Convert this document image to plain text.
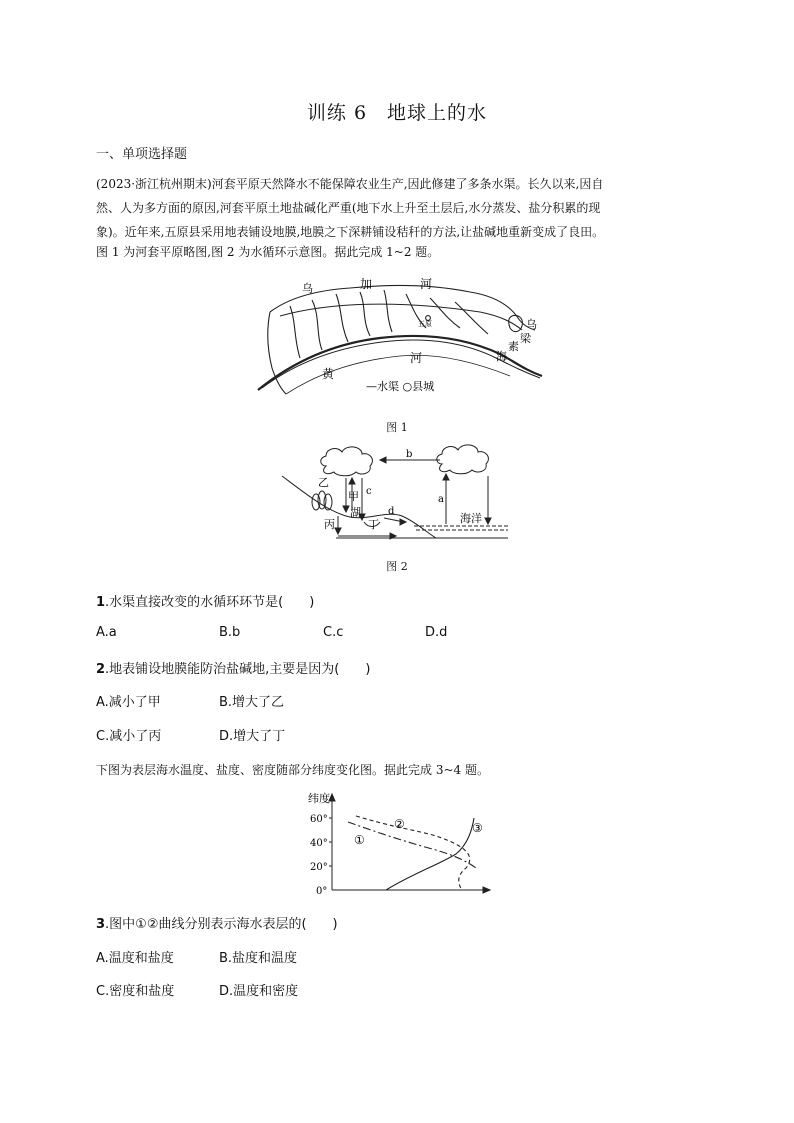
训练 6　地球上的水
一、单项选择题
(2023·浙江杭州期末)河套平原天然降水不能保障农业生产,因此修建了多条水渠。长久以来,因自
然、人为多方面的原因,河套平原土地盐碱化严重(地下水上升至土层后,水分蒸发、盐分积累的现
象)。近年来,五原县采用地表铺设地膜,地膜之下深耕铺设秸秆的方法,让盐碱地重新变成了良田。
图 1 为河套平原略图,图 2 为水循环示意图。据此完成 1~2 题。
乌	加	河
五原	乌
梁
素
海
河
黄
—水渠 ○县城
图 1
b
乙
甲 c
湖	d
丙	丁
a
海洋
图 2
1.水渠直接改变的水循环环节是(　　)
A.a	B.b	C.c	D.d
2.地表铺设地膜能防治盐碱地,主要是因为(　　)
A.减小了甲	B.增大了乙
C.减小了丙	D.增大了丁
下图为表层海水温度、盐度、密度随部分纬度变化图。据此完成 3~4 题。
纬度
60°
40°
20°
0°
①
②	③
3.图中①②曲线分别表示海水表层的(　　)
A.温度和盐度	B.盐度和温度
C.密度和盐度	D.温度和密度
